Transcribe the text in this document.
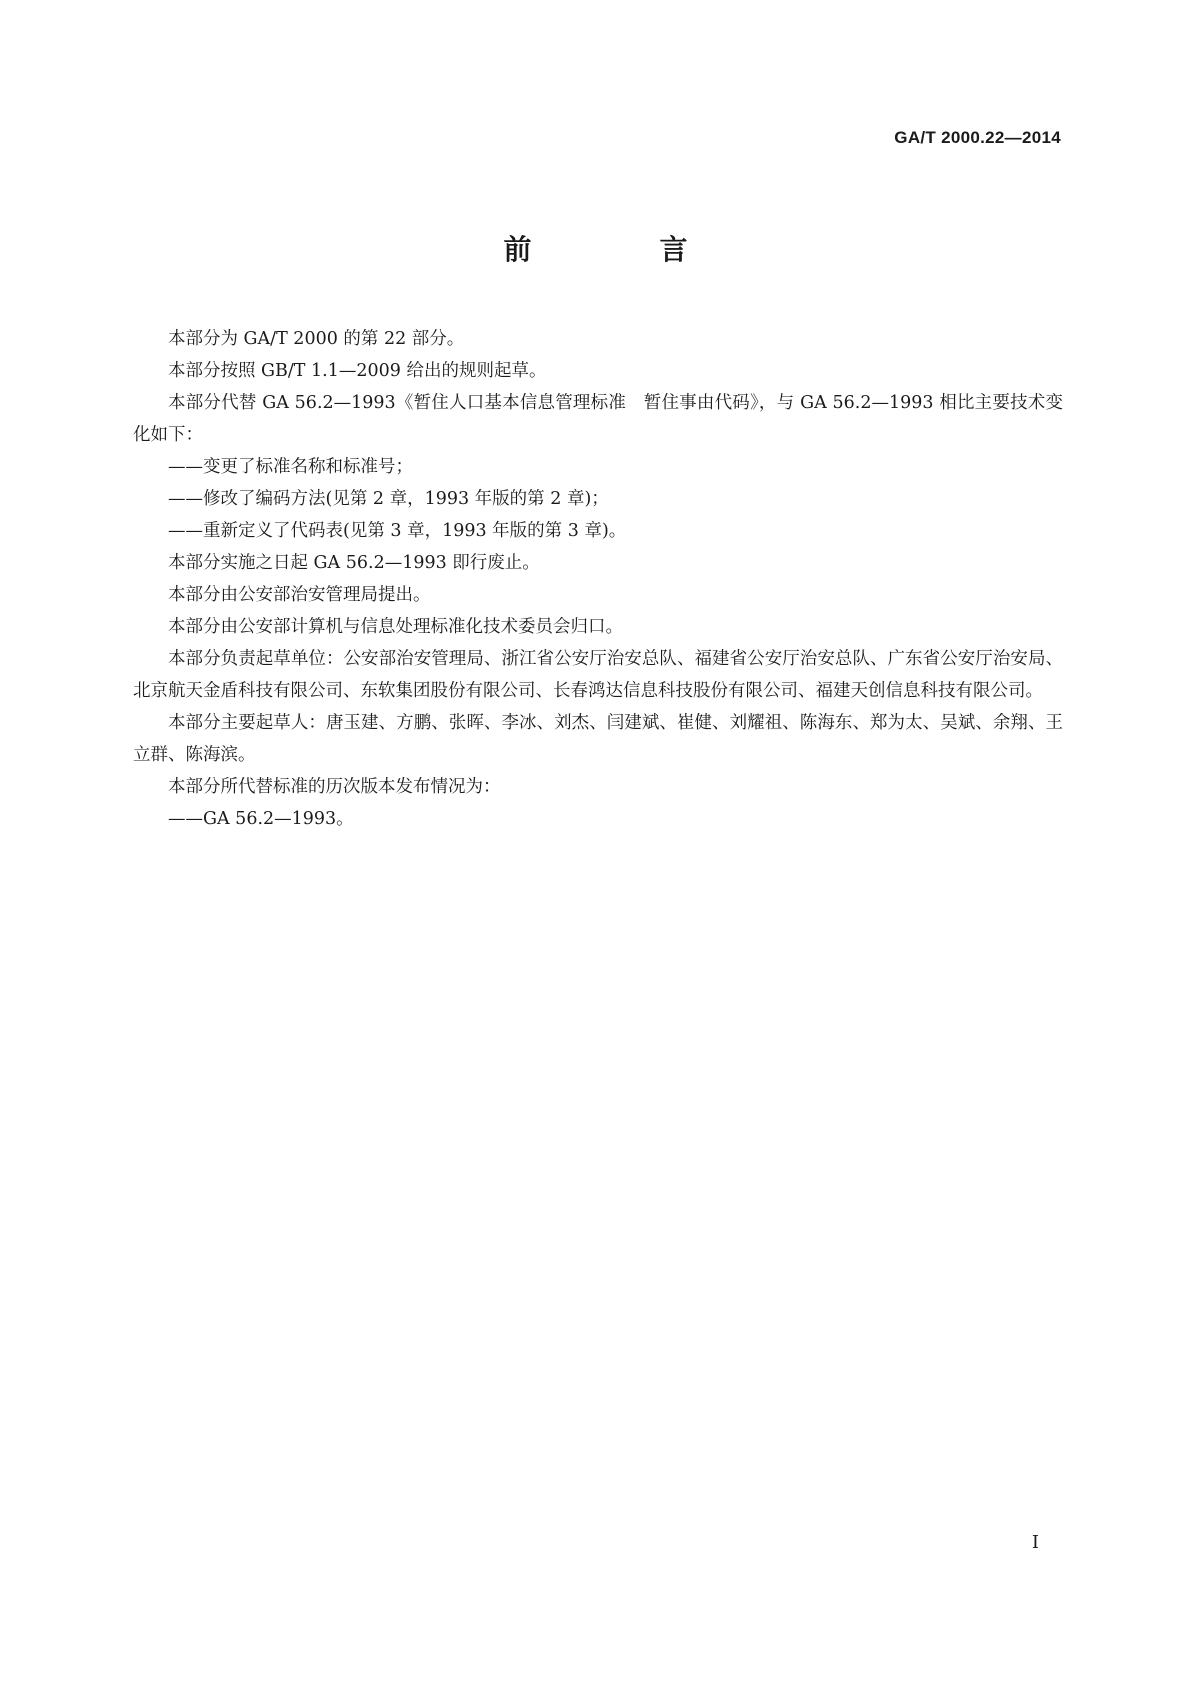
GA/T 2000.22—2014
前　言

本部分为 GA/T 2000 的第 22 部分。

本部分按照 GB/T 1.1—2009 给出的规则起草。

本部分代替 GA 56.2—1993《暂住人口基本信息管理标准　暂住事由代码》，与 GA 56.2—1993 相比主要技术变化如下：

——变更了标准名称和标准号；

——修改了编码方法(见第 2 章，1993 年版的第 2 章)；

——重新定义了代码表(见第 3 章，1993 年版的第 3 章)。

本部分实施之日起 GA 56.2—1993 即行废止。

本部分由公安部治安管理局提出。

本部分由公安部计算机与信息处理标准化技术委员会归口。

本部分负责起草单位：公安部治安管理局、浙江省公安厅治安总队、福建省公安厅治安总队、广东省公安厅治安局、北京航天金盾科技有限公司、东软集团股份有限公司、长春鸿达信息科技股份有限公司、福建天创信息科技有限公司。

本部分主要起草人：唐玉建、方鹏、张晖、李冰、刘杰、闫建斌、崔健、刘耀祖、陈海东、郑为太、吴斌、余翔、王立群、陈海滨。

本部分所代替标准的历次版本发布情况为：

——GA 56.2—1993。

I
